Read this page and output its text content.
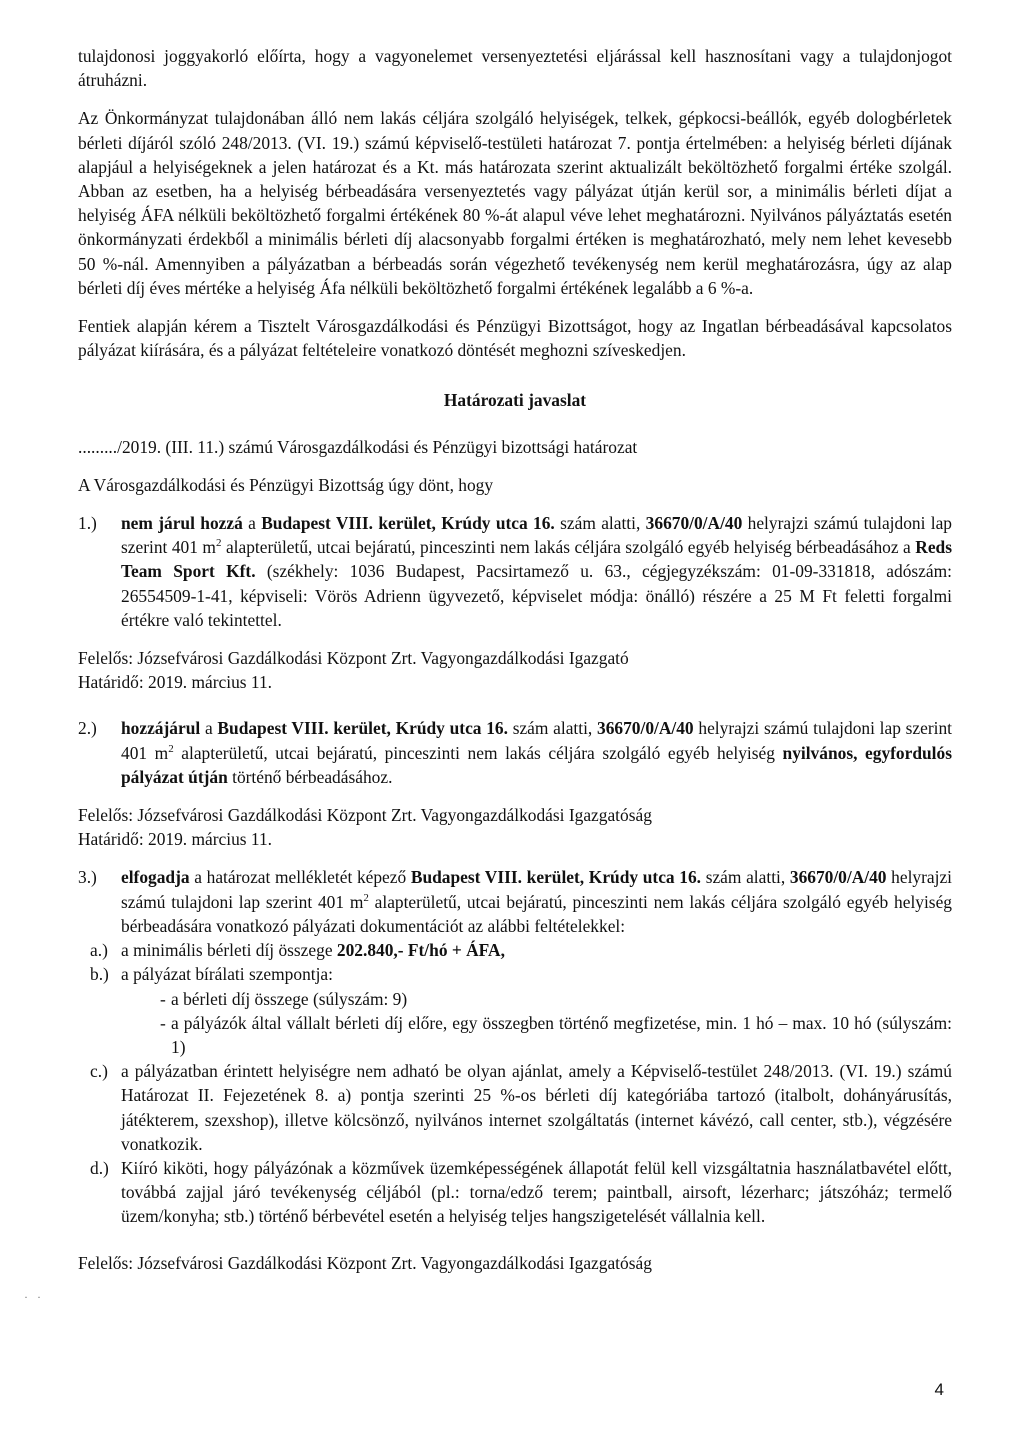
tulajdonosi joggyakorló előírta, hogy a vagyonelemet versenyeztetési eljárással kell hasznosítani vagy a tulajdonjogot átruházni.

Az Önkormányzat tulajdonában álló nem lakás céljára szolgáló helyiségek, telkek, gépkocsi-beállók, egyéb dologbérletek bérleti díjáról szóló 248/2013. (VI. 19.) számú képviselő-testületi határozat 7. pontja értelmében: a helyiség bérleti díjának alapjául a helyiségeknek a jelen határozat és a Kt. más határozata szerint aktualizált beköltözhető forgalmi értéke szolgál. Abban az esetben, ha a helyiség bérbeadására versenyeztetés vagy pályázat útján kerül sor, a minimális bérleti díjat a helyiség ÁFA nélküli beköltözhető forgalmi értékének 80 %-át alapul véve lehet meghatározni. Nyilvános pályáztatás esetén önkormányzati érdekből a minimális bérleti díj alacsonyabb forgalmi értéken is meghatározható, mely nem lehet kevesebb 50 %-nál. Amennyiben a pályázatban a bérbeadás során végezhető tevékenység nem kerül meghatározásra, úgy az alap bérleti díj éves mértéke a helyiség Áfa nélküli beköltözhető forgalmi értékének legalább a 6 %-a.

Fentiek alapján kérem a Tisztelt Városgazdálkodási és Pénzügyi Bizottságot, hogy az Ingatlan bérbeadásával kapcsolatos pályázat kiírására, és a pályázat feltételeire vonatkozó döntését meghozni szíveskedjen.

Határozati javaslat

........./2019. (III. 11.) számú Városgazdálkodási és Pénzügyi bizottsági határozat

A Városgazdálkodási és Pénzügyi Bizottság úgy dönt, hogy

1.) nem járul hozzá a Budapest VIII. kerület, Krúdy utca 16. szám alatti, 36670/0/A/40 helyrajzi számú tulajdoni lap szerint 401 $m^2$ alapterületű, utcai bejáratú, pinceszinti nem lakás céljára szolgáló egyéb helyiség bérbeadásához a Reds Team Sport Kft. (székhely: 1036 Budapest, Pacsirtamező u. 63., cégjegyzékszám: 01-09-331818, adószám: 26554509-1-41, képviseli: Vörös Adrienn ügyvezető, képviselet módja: önálló) részére a 25 M Ft feletti forgalmi értékre való tekintettel.

Felelős: Józsefvárosi Gazdálkodási Központ Zrt. Vagyongazdálkodási Igazgató

Határidő: 2019. március 11.

2.) hozzájárul a Budapest VIII. kerület, Krúdy utca 16. szám alatti, 36670/0/A/40 helyrajzi számú tulajdoni lap szerint 401 $m^2$ alapterületű, utcai bejáratú, pinceszinti nem lakás céljára szolgáló egyéb helyiség nyilvános, egyfordulós pályázat útján történő bérbeadásához.

Felelős: Józsefvárosi Gazdálkodási Központ Zrt. Vagyongazdálkodási Igazgatóság

Határidő: 2019. március 11.

3.) elfogadja a határozat mellékletét képező Budapest VIII. kerület, Krúdy utca 16. szám alatti, 36670/0/A/40 helyrajzi számú tulajdoni lap szerint 401 $m^2$ alapterületű, utcai bejáratú, pinceszinti nem lakás céljára szolgáló egyéb helyiség bérbeadására vonatkozó pályázati dokumentációt az alábbi feltételekkel:
a.) a minimális bérleti díj összege 202.840,- Ft/hó + ÁFA,
b.) a pályázat bírálati szempontja:
- a bérleti díj összege (súlyszám: 9)
- a pályázók által vállalt bérleti díj előre, egy összegben történő megfizetése, min. 1 hó – max. 10 hó (súlyszám: 1)
c.) a pályázatban érintett helyiségre nem adható be olyan ajánlat, amely a Képviselő-testület 248/2013. (VI. 19.) számú Határozat II. Fejezetének 8. a) pontja szerinti 25 %-os bérleti díj kategóriába tartozó (italbolt, dohányárusítás, játékterem, szexshop), illetve kölcsönző, nyilvános internet szolgáltatás (internet kávézó, call center, stb.), végzésére vonatkozik.
d.) Kiíró kiköti, hogy pályázónak a közművek üzemképességének állapotát felül kell vizsgáltatnia használatbavétel előtt, továbbá zajjal járó tevékenység céljából (pl.: torna/edző terem; paintball, airsoft, lézerharc; játszóház; termelő üzem/konyha; stb.) történő bérbevétel esetén a helyiség teljes hangszigetelését vállalnia kell.

Felelős: Józsefvárosi Gazdálkodási Központ Zrt. Vagyongazdálkodási Igazgatóság

· ·
4
